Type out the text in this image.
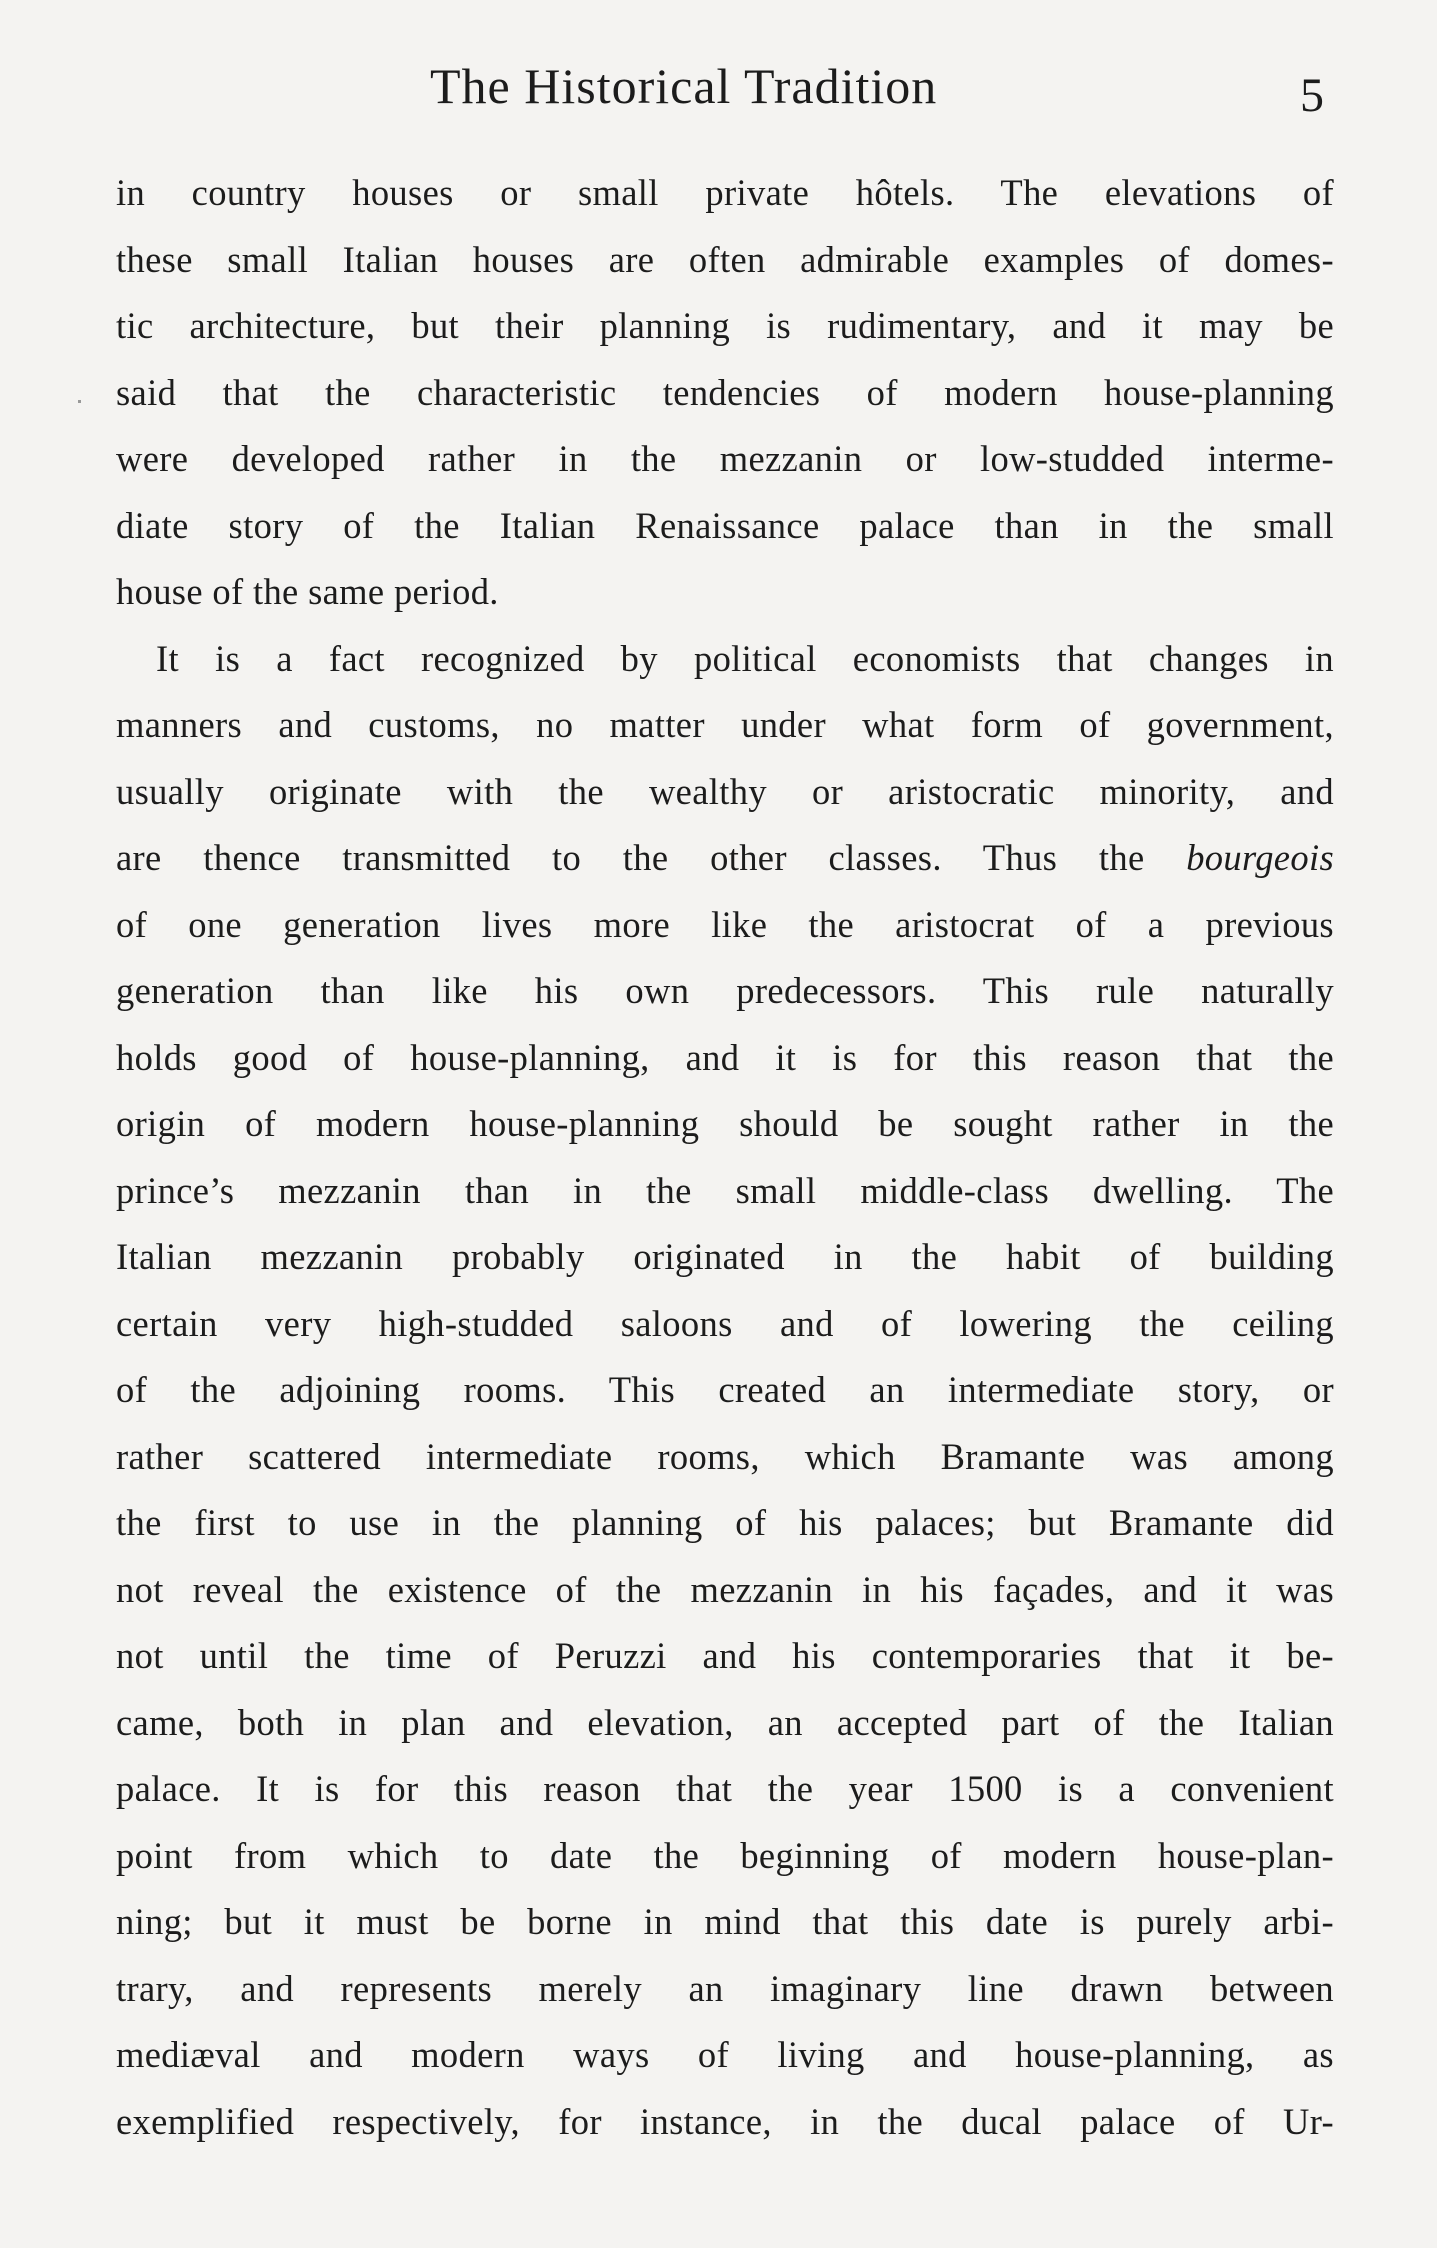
The Historical Tradition	5
in country houses or small private hôtels. The elevations of
these small Italian houses are often admirable examples of domes-
tic architecture, but their planning is rudimentary, and it may be
said that the characteristic tendencies of modern house-planning
were developed rather in the mezzanin or low-studded interme-
diate story of the Italian Renaissance palace than in the small
house of the same period.
It is a fact recognized by political economists that changes in
manners and customs, no matter under what form of government,
usually originate with the wealthy or aristocratic minority, and
are thence transmitted to the other classes. Thus the bourgeois
of one generation lives more like the aristocrat of a previous
generation than like his own predecessors. This rule naturally
holds good of house-planning, and it is for this reason that the
origin of modern house-planning should be sought rather in the
prince’s mezzanin than in the small middle-class dwelling. The
Italian mezzanin probably originated in the habit of building
certain very high-studded saloons and of lowering the ceiling
of the adjoining rooms. This created an intermediate story, or
rather scattered intermediate rooms, which Bramante was among
the first to use in the planning of his palaces; but Bramante did
not reveal the existence of the mezzanin in his façades, and it was
not until the time of Peruzzi and his contemporaries that it be-
came, both in plan and elevation, an accepted part of the Italian
palace. It is for this reason that the year 1500 is a convenient
point from which to date the beginning of modern house-plan-
ning; but it must be borne in mind that this date is purely arbi-
trary, and represents merely an imaginary line drawn between
mediæval and modern ways of living and house-planning, as
exemplified respectively, for instance, in the ducal palace of Ur-
